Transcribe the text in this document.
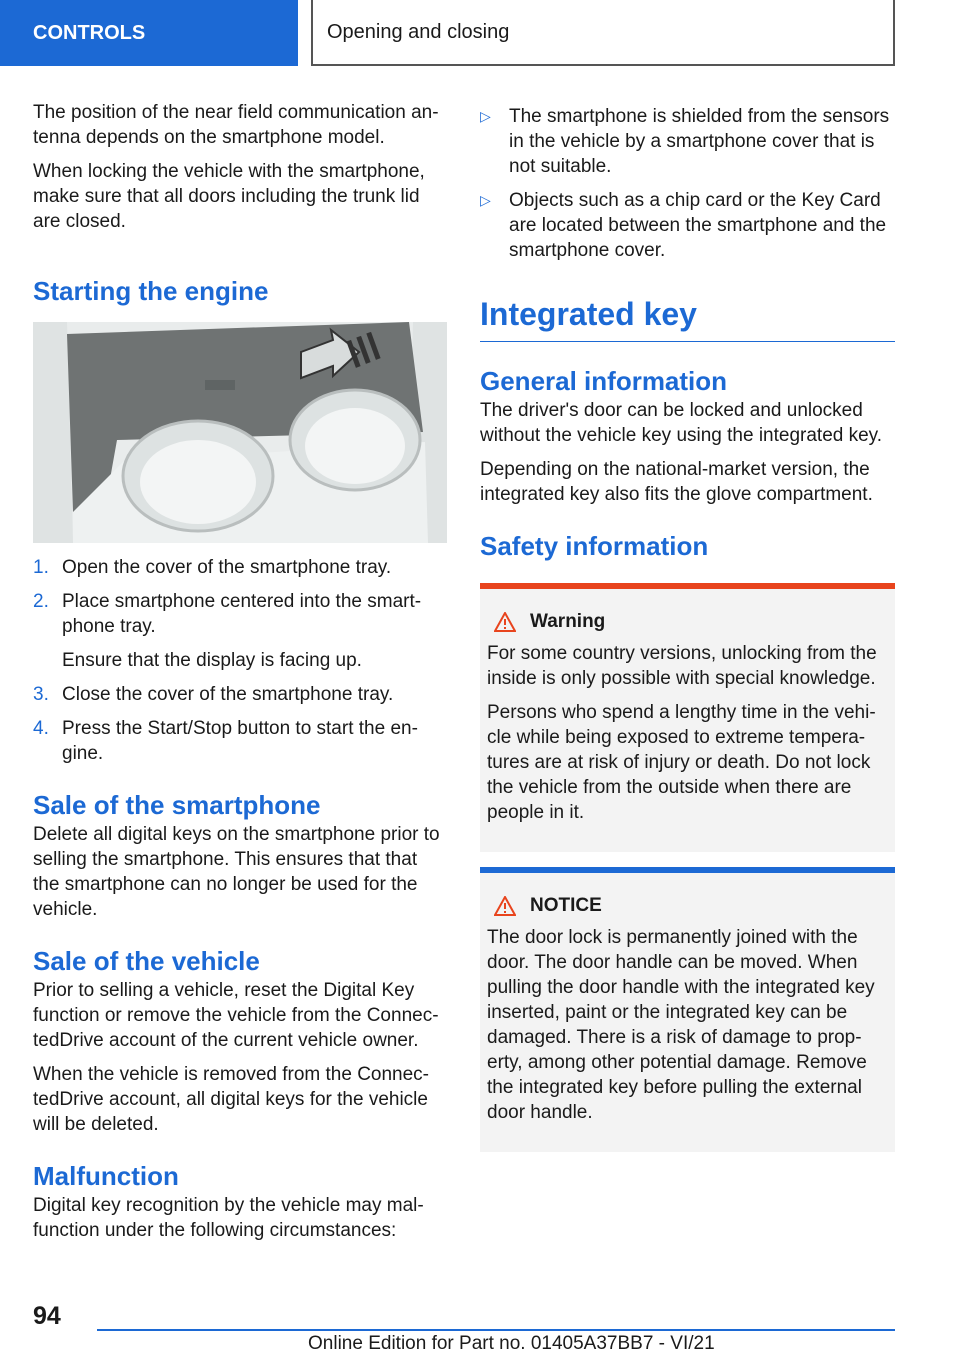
CONTROLS	Opening and closing

The position of the near field communication an-tenna depends on the smartphone model.

When locking the vehicle with the smartphone, make sure that all doors including the trunk lid are closed.

Starting the engine
1. Open the cover of the smartphone tray.
2. Place smartphone centered into the smart-phone tray.
Ensure that the display is facing up.
3. Close the cover of the smartphone tray.
4. Press the Start/Stop button to start the en-gine.
Sale of the smartphone

Delete all digital keys on the smartphone prior to selling the smartphone. This ensures that that the smartphone can no longer be used for the vehicle.

Sale of the vehicle

Prior to selling a vehicle, reset the Digital Key function or remove the vehicle from the Connec-tedDrive account of the current vehicle owner.

When the vehicle is removed from the Connec-tedDrive account, all digital keys for the vehicle will be deleted.

Malfunction

Digital key recognition by the vehicle may mal-function under the following circumstances:

▷ The smartphone is shielded from the sensors in the vehicle by a smartphone cover that is not suitable.
▷ Objects such as a chip card or the Key Card are located between the smartphone and the smartphone cover.
Integrated key
General information

The driver's door can be locked and unlocked without the vehicle key using the integrated key.

Depending on the national-market version, the integrated key also fits the glove compartment.

Safety information
Warning

For some country versions, unlocking from the inside is only possible with special knowledge.

Persons who spend a lengthy time in the vehi-cle while being exposed to extreme tempera-tures are at risk of injury or death. Do not lock the vehicle from the outside when there are people in it.

NOTICE

The door lock is permanently joined with the door. The door handle can be moved. When pulling the door handle with the integrated key inserted, paint or the integrated key can be damaged. There is a risk of damage to prop-erty, among other potential damage. Remove the integrated key before pulling the external door handle.

94
Online Edition for Part no. 01405A37BB7 - VI/21
